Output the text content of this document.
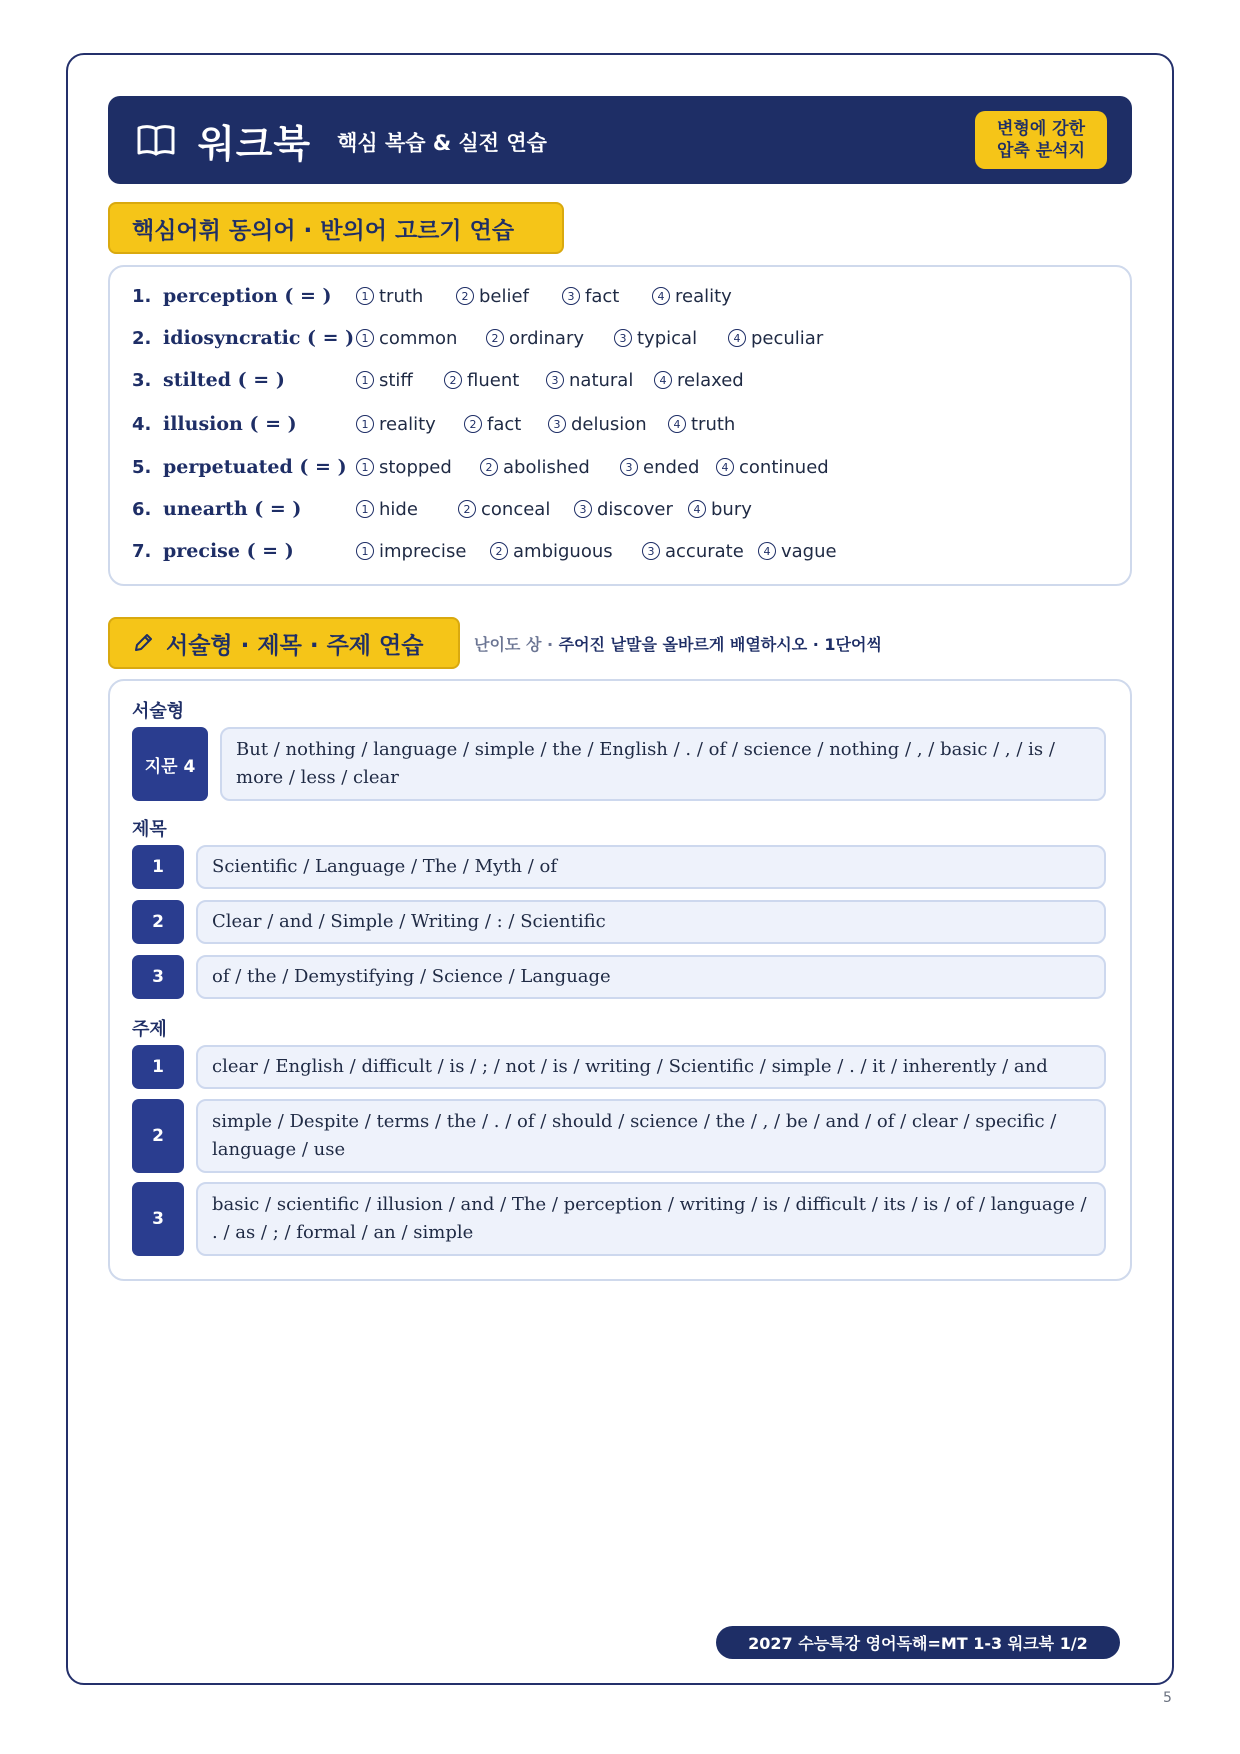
워크북 핵심 복습 & 실전 연습
변형에 강한
압축 분석지
핵심어휘 동의어 · 반의어 고르기 연습
1. perception ( = )	1 truth	2 belief	3 fact	4 reality
2. idiosyncratic ( = ) 1 common	2 ordinary	3 typical	4 peculiar
3. stilted ( = )	1 stiff	2 fluent	3 natural	4 relaxed
4. illusion ( = )	1 reality	2 fact	3 delusion	4 truth
5. perpetuated ( = )	1 stopped	2 abolished	3 ended	4 continued
6. unearth ( = )	1 hide	2 conceal	3 discover	4 bury
7. precise ( = )	1 imprecise	2 ambiguous	3 accurate	4 vague
서술형 · 제목 · 주제 연습	난이도 상 · 주어진 낱말을 올바르게 배열하시오 · 1단어씩
서술형
지문 4
But / nothing / language / simple / the / English / . / of / science / nothing / , / basic / , / is / more / less / clear
제목
1	Scientific / Language / The / Myth / of
2	Clear / and / Simple / Writing / : / Scientific
3	of / the / Demystifying / Science / Language
주제
1	clear / English / difficult / is / ; / not / is / writing / Scientific / simple / . / it / inherently / and
2
simple / Despite / terms / the / . / of / should / science / the / , / be / and / of / clear / specific / language / use
3
basic / scientific / illusion / and / The / perception / writing / is / difficult / its / is / of / language / . / as / ; / formal / an / simple
2027 수능특강 영어독해=MT 1-3 워크북 1/2
5
